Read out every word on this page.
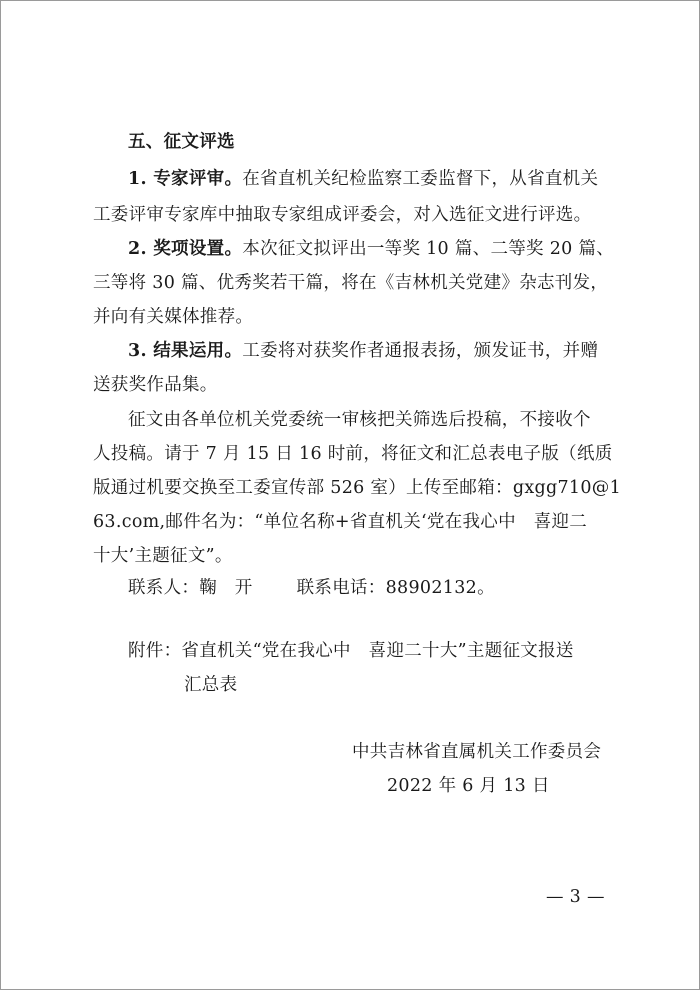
五、征文评选
1. 专家评审。在省直机关纪检监察工委监督下，从省直机关
工委评审专家库中抽取专家组成评委会，对入选征文进行评选。
2. 奖项设置。本次征文拟评出一等奖 10 篇、二等奖 20 篇、
三等将 30 篇、优秀奖若干篇，将在《吉林机关党建》杂志刊发，
并向有关媒体推荐。
3. 结果运用。工委将对获奖作者通报表扬，颁发证书，并赠
送获奖作品集。
征文由各单位机关党委统一审核把关筛选后投稿，不接收个
人投稿。请于 7 月 15 日 16 时前，将征文和汇总表电子版（纸质
版通过机要交换至工委宣传部 526 室）上传至邮箱：gxgg710@1
63.com,邮件名为：“单位名称+省直机关‘党在我心中　喜迎二
十大’主题征文”。
联系人：鞠　开	联系电话：88902132。
附件：省直机关“党在我心中　喜迎二十大”主题征文报送
汇总表
中共吉林省直属机关工作委员会
2022 年 6 月 13 日
— 3 —
